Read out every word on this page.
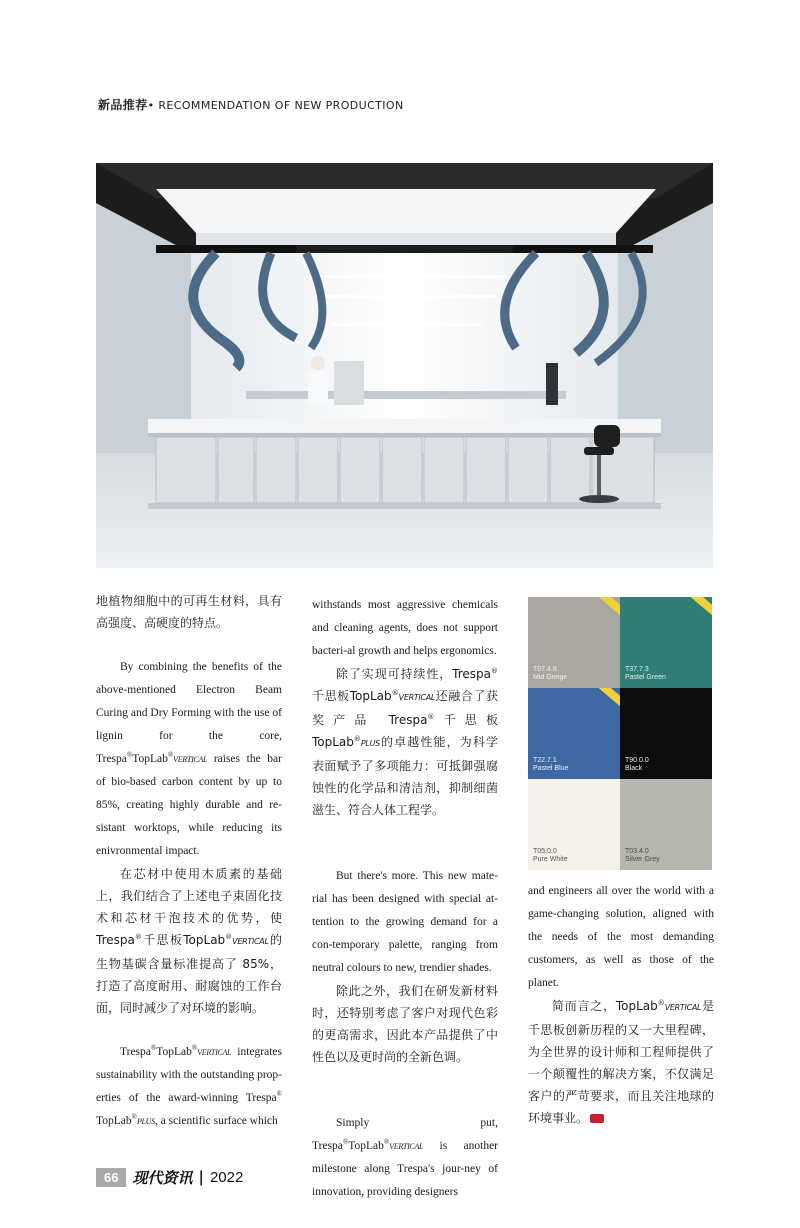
新品推荐• RECOMMENDATION OF NEW PRODUCTION

地植物细胞中的可再生材料，具有高强度、高硬度的特点。

By combining the benefits of the above-mentioned Electron Beam Curing and Dry Forming with the use of lignin for the core, Trespa®TopLab®VERTICAL raises the bar of bio-based carbon content by up to 85%, creating highly durable and re-sistant worktops, while reducing its enivronmental impact.

在芯材中使用木质素的基础上，我们结合了上述电子束固化技术和芯材干泡技术的优势，使 Trespa®千思板TopLab®VERTICAL的生物基碳含量标准提高了 85%，打造了高度耐用、耐腐蚀的工作台面，同时减少了对环境的影响。

Trespa®TopLab®VERTICAL integrates sustainability with the outstanding prop-erties of the award-winning Trespa® TopLab®PLUS, a scientific surface which

withstands most aggressive chemicals and cleaning agents, does not support bacteri-al growth and helps ergonomics.

除了实现可持续性，Trespa®千思板TopLab®VERTICAL还融合了获奖产品 Trespa®千思板TopLab®PLUS的卓越性能，为科学表面赋予了多项能力：可抵御强腐蚀性的化学品和清洁剂，抑制细菌滋生、符合人体工程学。

But there's more. This new mate-rial has been designed with special at-tention to the growing demand for a con-temporary palette, ranging from neutral colours to new, trendier shades.

除此之外，我们在研发新材料时，还特别考虑了客户对现代色彩的更高需求，因此本产品提供了中性色以及更时尚的全新色调。

Simply put, Trespa®TopLab®VERTICAL is another milestone along Trespa's jour-ney of innovation, providing designers

T07.4.8
Mid Greige
T37.7.3
Pastel Green
T22.7.1
Pastel Blue
T90.0.0
Black
T05.0.0
Pure White
T03.4.0
Silver Grey

and engineers all over the world with a game-changing solution, aligned with the needs of the most demanding customers, as well as those of the planet.

简而言之，TopLab®VERTICAL是千思板创新历程的又一大里程碑，为全世界的设计师和工程师提供了一个颠覆性的解决方案，不仅满足客户的严苛要求，而且关注地球的环境事业。

66 现代资讯 | 2022
